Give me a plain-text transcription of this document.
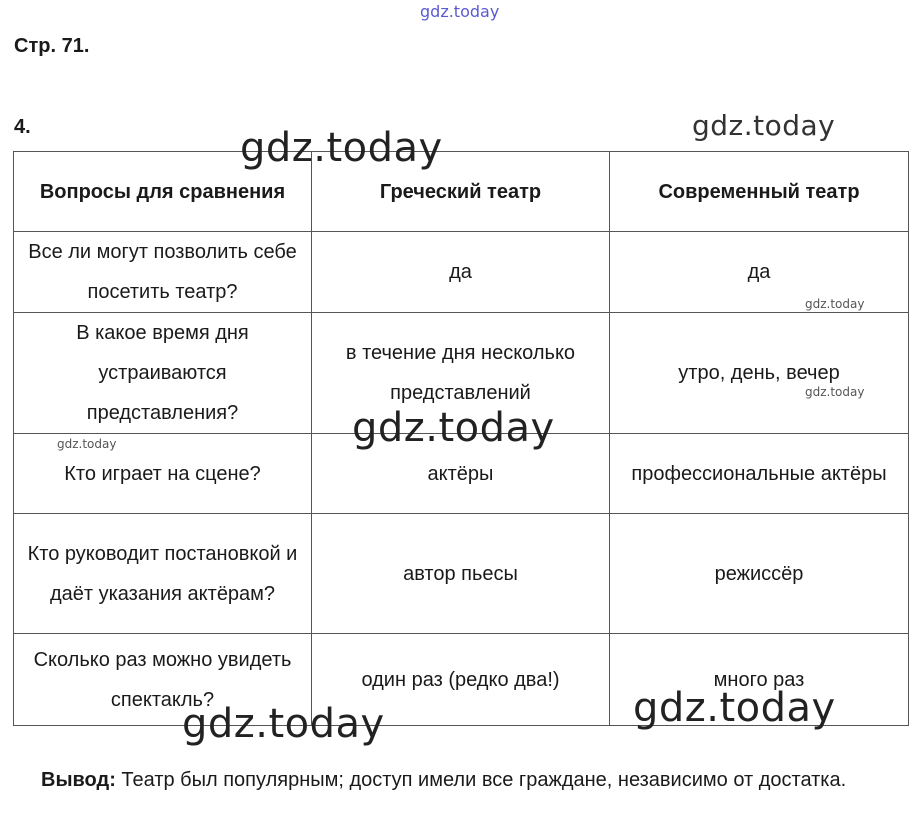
gdz.today
Стр. 71.
4.
Вопросы для сравнения	Греческий театр	Современный театр
Все ли могут позволить себе посетить театр?	да	да
В какое время дня устраиваются представления?	в течение дня несколько представлений	утро, день, вечер
Кто играет на сцене?	актёры	профессиональные актёры
Кто руководит постановкой и даёт указания актёрам?	автор пьесы	режиссёр
Сколько раз можно увидеть спектакль?	один раз (редко два!)	много раз
Вывод: Театр был популярным; доступ имели все граждане, независимо от достатка.
gdz.today
gdz.today
gdz.today
gdz.today
gdz.today	gdz.today
gdz.today	gdz.today
